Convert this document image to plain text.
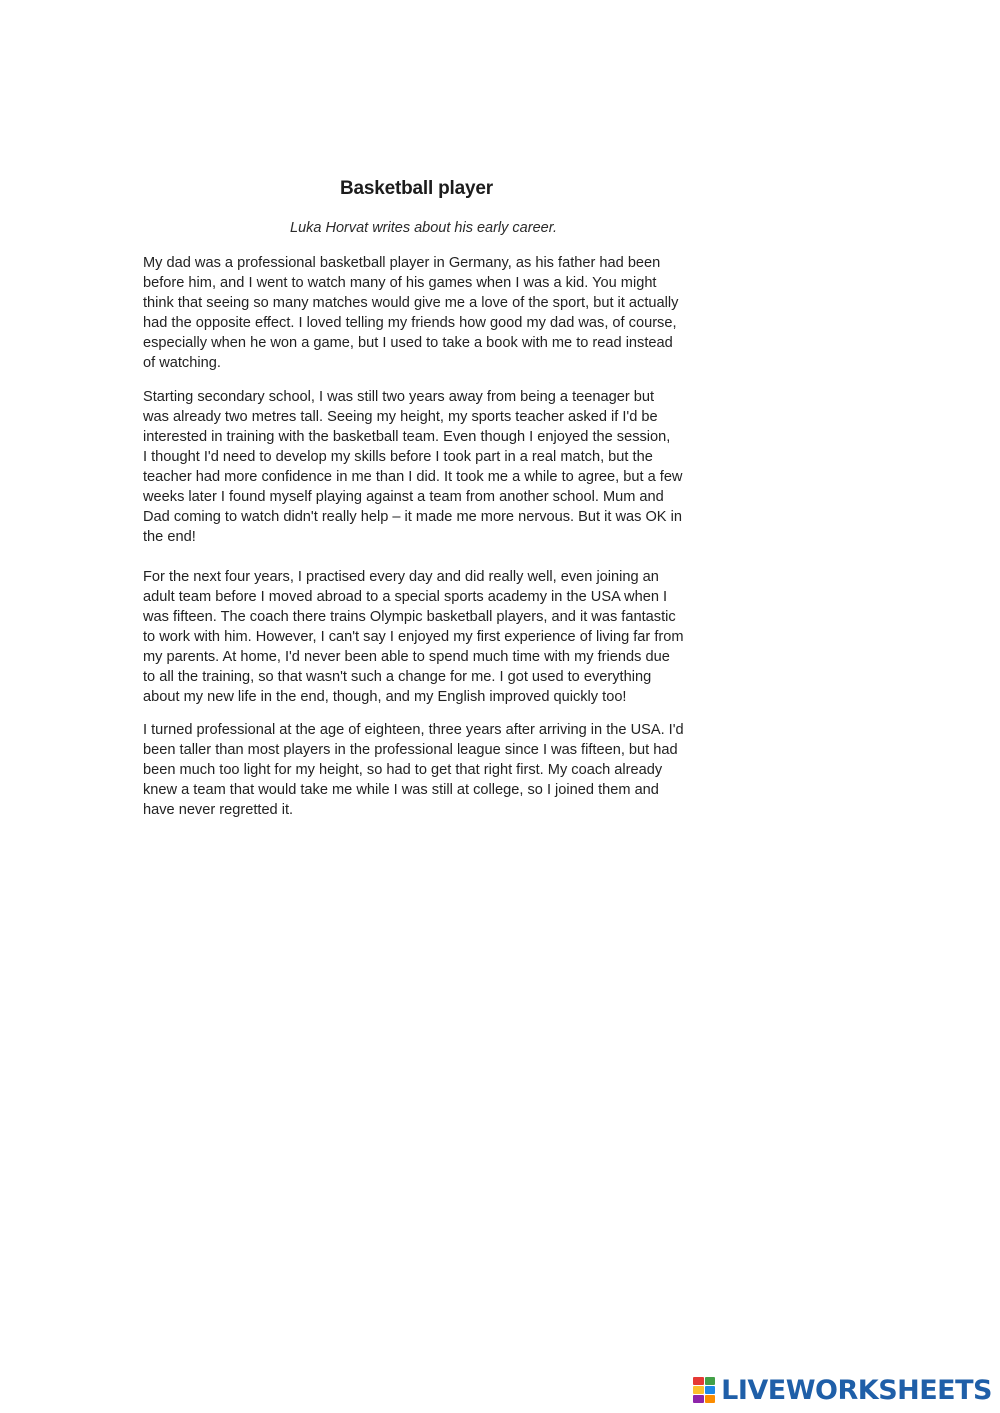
Basketball player
Luka Horvat writes about his early career.

My dad was a professional basketball player in Germany, as his father had been
before him, and I went to watch many of his games when I was a kid. You might
think that seeing so many matches would give me a love of the sport, but it actually
had the opposite effect. I loved telling my friends how good my dad was, of course,
especially when he won a game, but I used to take a book with me to read instead
of watching.

Starting secondary school, I was still two years away from being a teenager but
was already two metres tall. Seeing my height, my sports teacher asked if I'd be
interested in training with the basketball team. Even though I enjoyed the session,
I thought I'd need to develop my skills before I took part in a real match, but the
teacher had more confidence in me than I did. It took me a while to agree, but a few
weeks later I found myself playing against a team from another school. Mum and
Dad coming to watch didn't really help – it made me more nervous. But it was OK in
the end!

For the next four years, I practised every day and did really well, even joining an
adult team before I moved abroad to a special sports academy in the USA when I
was fifteen. The coach there trains Olympic basketball players, and it was fantastic
to work with him. However, I can't say I enjoyed my first experience of living far from
my parents. At home, I'd never been able to spend much time with my friends due
to all the training, so that wasn't such a change for me. I got used to everything
about my new life in the end, though, and my English improved quickly too!

I turned professional at the age of eighteen, three years after arriving in the USA. I'd
been taller than most players in the professional league since I was fifteen, but had
been much too light for my height, so had to get that right first. My coach already
knew a team that would take me while I was still at college, so I joined them and
have never regretted it.

LIVEWORKSHEETS
